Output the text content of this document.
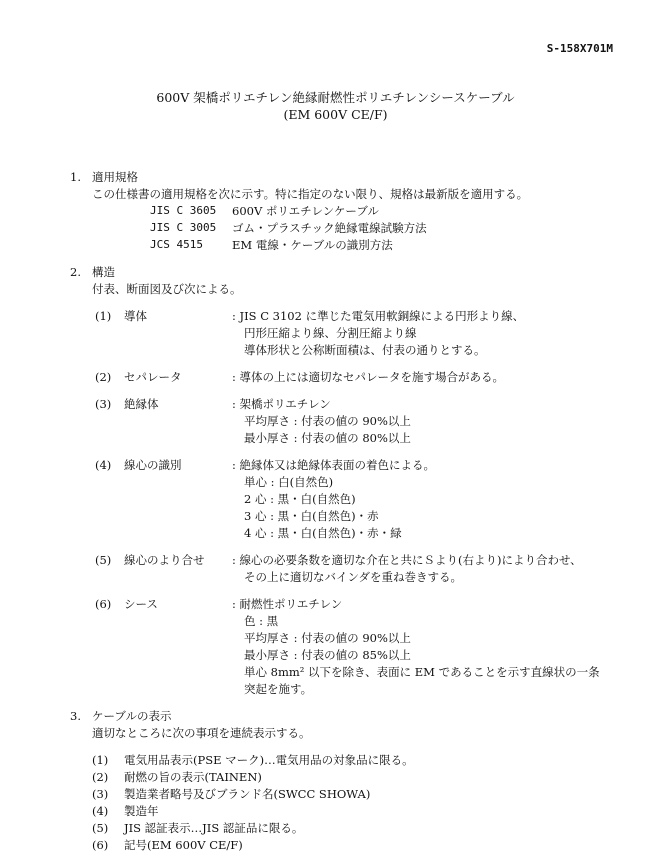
S-158X701M
600V 架橋ポリエチレン絶縁耐燃性ポリエチレンシースケーブル
(EM 600V CE/F)
1. 適用規格
この仕様書の適用規格を次に示す。特に指定のない限り、規格は最新版を適用する。
JIS C 3605 600V ポリエチレンケーブル
JIS C 3005 ゴム・プラスチック絶縁電線試験方法
JCS 4515	EM 電線・ケーブルの識別方法
2. 構造
付表、断面図及び次による。
(1) 導体	: JIS C 3102 に準じた電気用軟銅線による円形より線、
円形圧縮より線、分割圧縮より線
導体形状と公称断面積は、付表の通りとする。
(2) セパレータ	: 導体の上には適切なセパレータを施す場合がある。
(3) 絶縁体	: 架橋ポリエチレン
平均厚さ : 付表の値の 90%以上
最小厚さ : 付表の値の 80%以上
(4) 線心の識別	: 絶縁体又は絶縁体表面の着色による。
単心 : 白(自然色)
2 心 : 黒・白(自然色)
3 心 : 黒・白(自然色)・赤
4 心 : 黒・白(自然色)・赤・緑
(5) 線心のより合せ : 線心の必要条数を適切な介在と共にＳより(右より)により合わせ、
その上に適切なバインダを重ね巻きする。
(6) シース	: 耐燃性ポリエチレン
色 : 黒
平均厚さ : 付表の値の 90%以上
最小厚さ : 付表の値の 85%以上
単心 8mm² 以下を除き、表面に EM であることを示す直線状の一条
突起を施す。
3. ケーブルの表示
適切なところに次の事項を連続表示する。
(1) 電気用品表示(PSE マーク)…電気用品の対象品に限る。
(2) 耐燃の旨の表示(TAINEN)
(3) 製造業者略号及びブランド名(SWCC SHOWA)
(4) 製造年
(5) JIS 認証表示…JIS 認証品に限る。
(6) 記号(EM 600V CE/F)
